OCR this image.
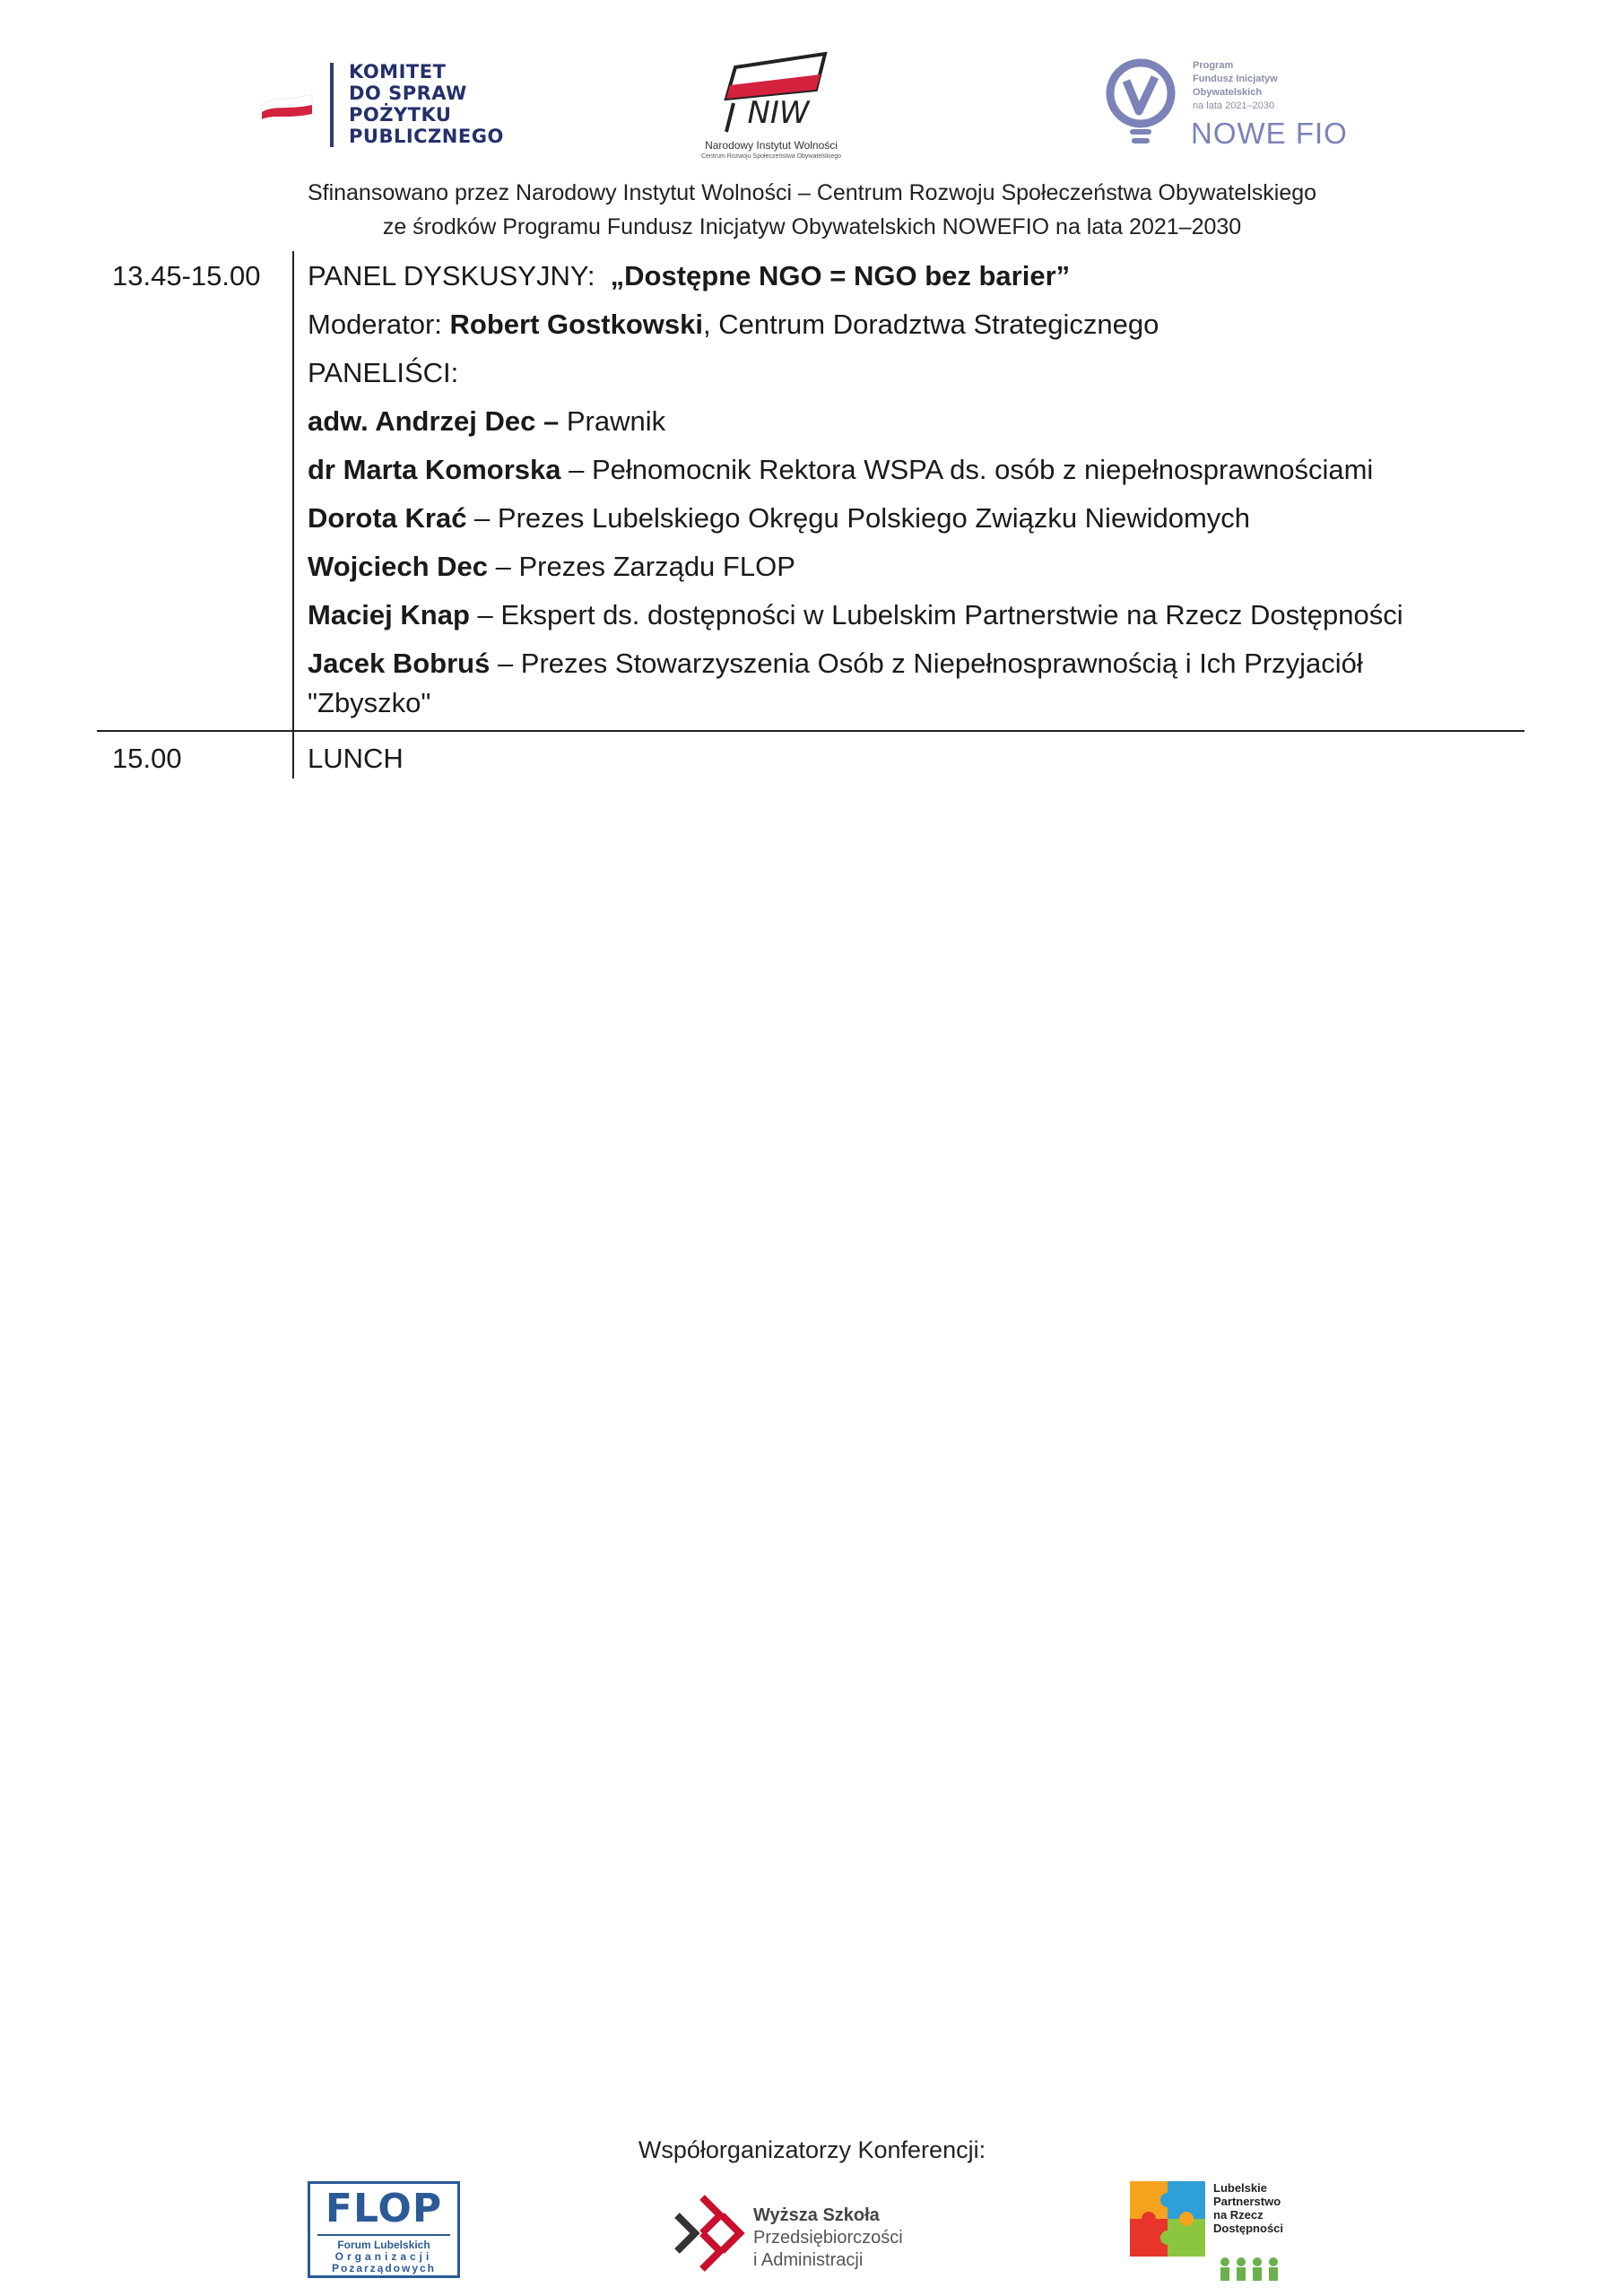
KOMITET
DO SPRAW
POŻYTKU
PUBLICZNEGO
NIW
Narodowy Instytut Wolności
Centrum Rozwoju Społeczeństwa Obywatelskiego
Program
Fundusz Inicjatyw
Obywatelskich
na lata 2021–2030
NOWE FIO
Sfinansowano przez Narodowy Instytut Wolności – Centrum Rozwoju Społeczeństwa Obywatelskiego
ze środków Programu Fundusz Inicjatyw Obywatelskich NOWEFIO na lata 2021–2030
13.45-15.00	PANEL DYSKUSYJNY:  „Dostępne NGO = NGO bez barier”
Moderator: Robert Gostkowski, Centrum Doradztwa Strategicznego
PANELIŚCI:
adw. Andrzej Dec – Prawnik
dr Marta Komorska – Pełnomocnik Rektora WSPA ds. osób z niepełnosprawnościami
Dorota Krać – Prezes Lubelskiego Okręgu Polskiego Związku Niewidomych
Wojciech Dec – Prezes Zarządu FLOP
Maciej Knap – Ekspert ds. dostępności w Lubelskim Partnerstwie na Rzecz Dostępności
Jacek Bobruś – Prezes Stowarzyszenia Osób z Niepełnosprawnością i Ich Przyjaciół
"Zbyszko"
15.00	LUNCH
Współorganizatorzy Konferencji:
FLOP
Forum Lubelskich
Organizacji
Pozarządowych
Wyższa Szkoła
Przedsiębiorczości
i Administracji
Lubelskie
Partnerstwo
na Rzecz
Dostępności
